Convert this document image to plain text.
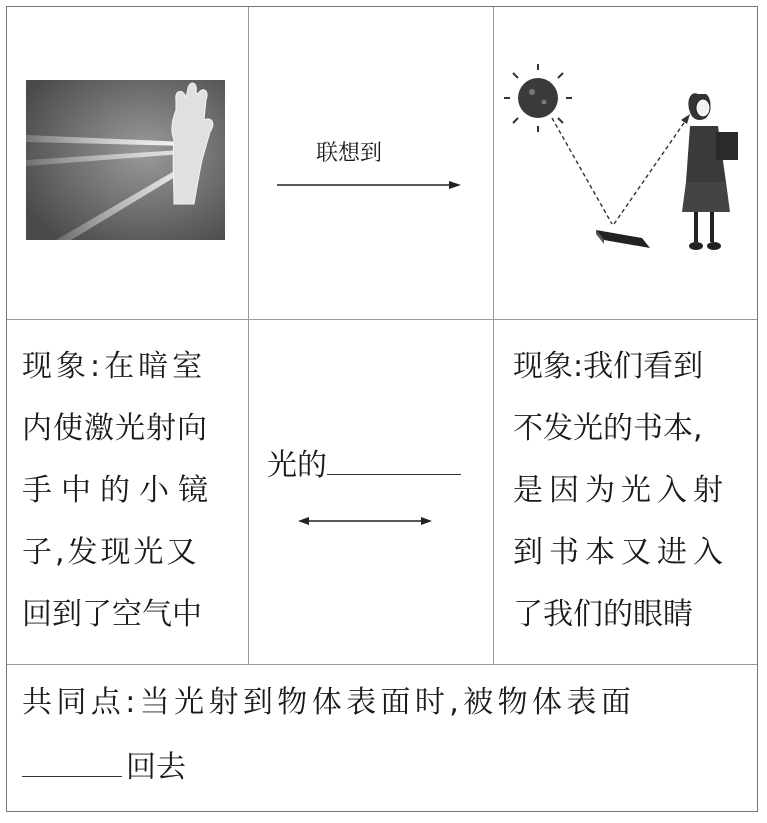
联想到
现象:在暗室
内使激光射向
手中的小镜
子,发现光又
回到了空气中
光的
现象:我们看到
不发光的书本,
是因为光入射
到书本又进入
了我们的眼睛
共同点:当光射到物体表面时,被物体表面
回去
